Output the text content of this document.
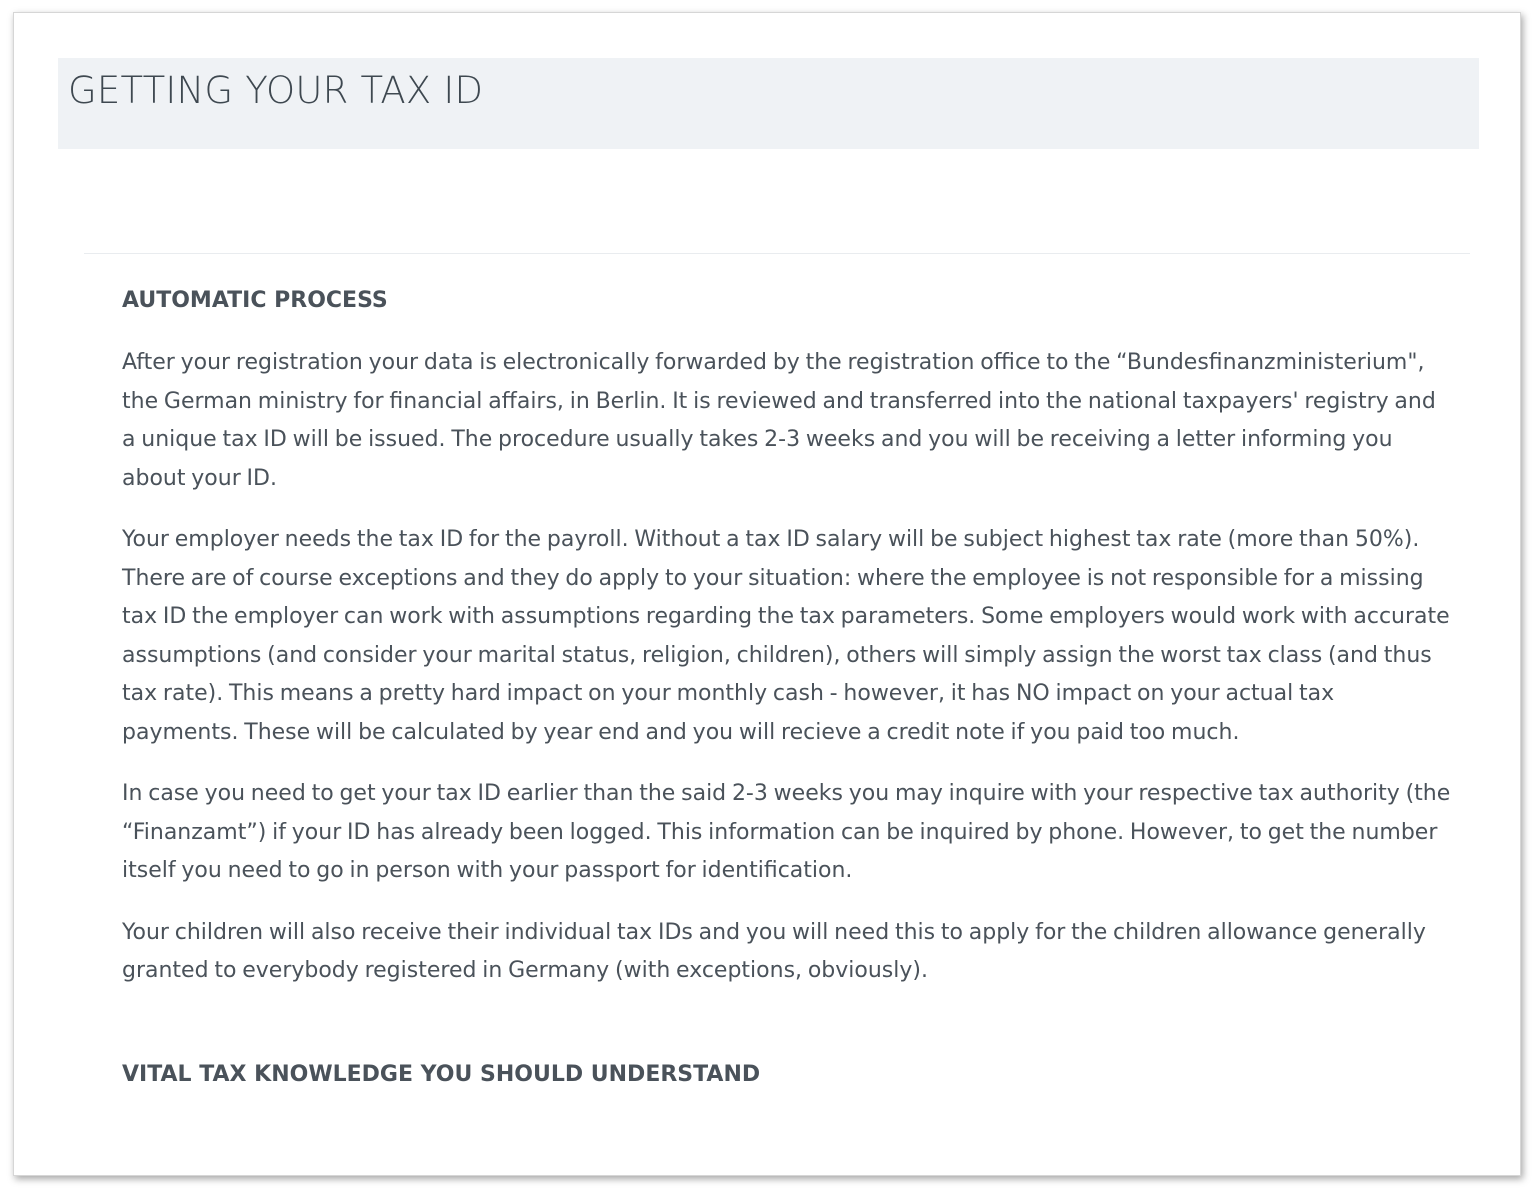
GETTING YOUR TAX ID
AUTOMATIC PROCESS

After your registration your data is electronically forwarded by the registration office to the “Bundesfinanzministerium", the German ministry for financial affairs, in Berlin. It is reviewed and transferred into the national taxpayers' registry and a unique tax ID will be issued. The procedure usually takes 2-3 weeks and you will be receiving a letter informing you about your ID.

Your employer needs the tax ID for the payroll. Without a tax ID salary will be subject highest tax rate (more than 50%). There are of course exceptions and they do apply to your situation: where the employee is not responsible for a missing tax ID the employer can work with assumptions regarding the tax parameters. Some employers would work with accurate assumptions (and consider your marital status, religion, children), others will simply assign the worst tax class (and thus tax rate). This means a pretty hard impact on your monthly cash - however, it has NO impact on your actual tax payments. These will be calculated by year end and you will recieve a credit note if you paid too much.

In case you need to get your tax ID earlier than the said 2-3 weeks you may inquire with your respective tax authority (the “Finanzamt”) if your ID has already been logged. This information can be inquired by phone. However, to get the number itself you need to go in person with your passport for identification.

Your children will also receive their individual tax IDs and you will need this to apply for the children allowance generally granted to everybody registered in Germany (with exceptions, obviously).

VITAL TAX KNOWLEDGE YOU SHOULD UNDERSTAND
